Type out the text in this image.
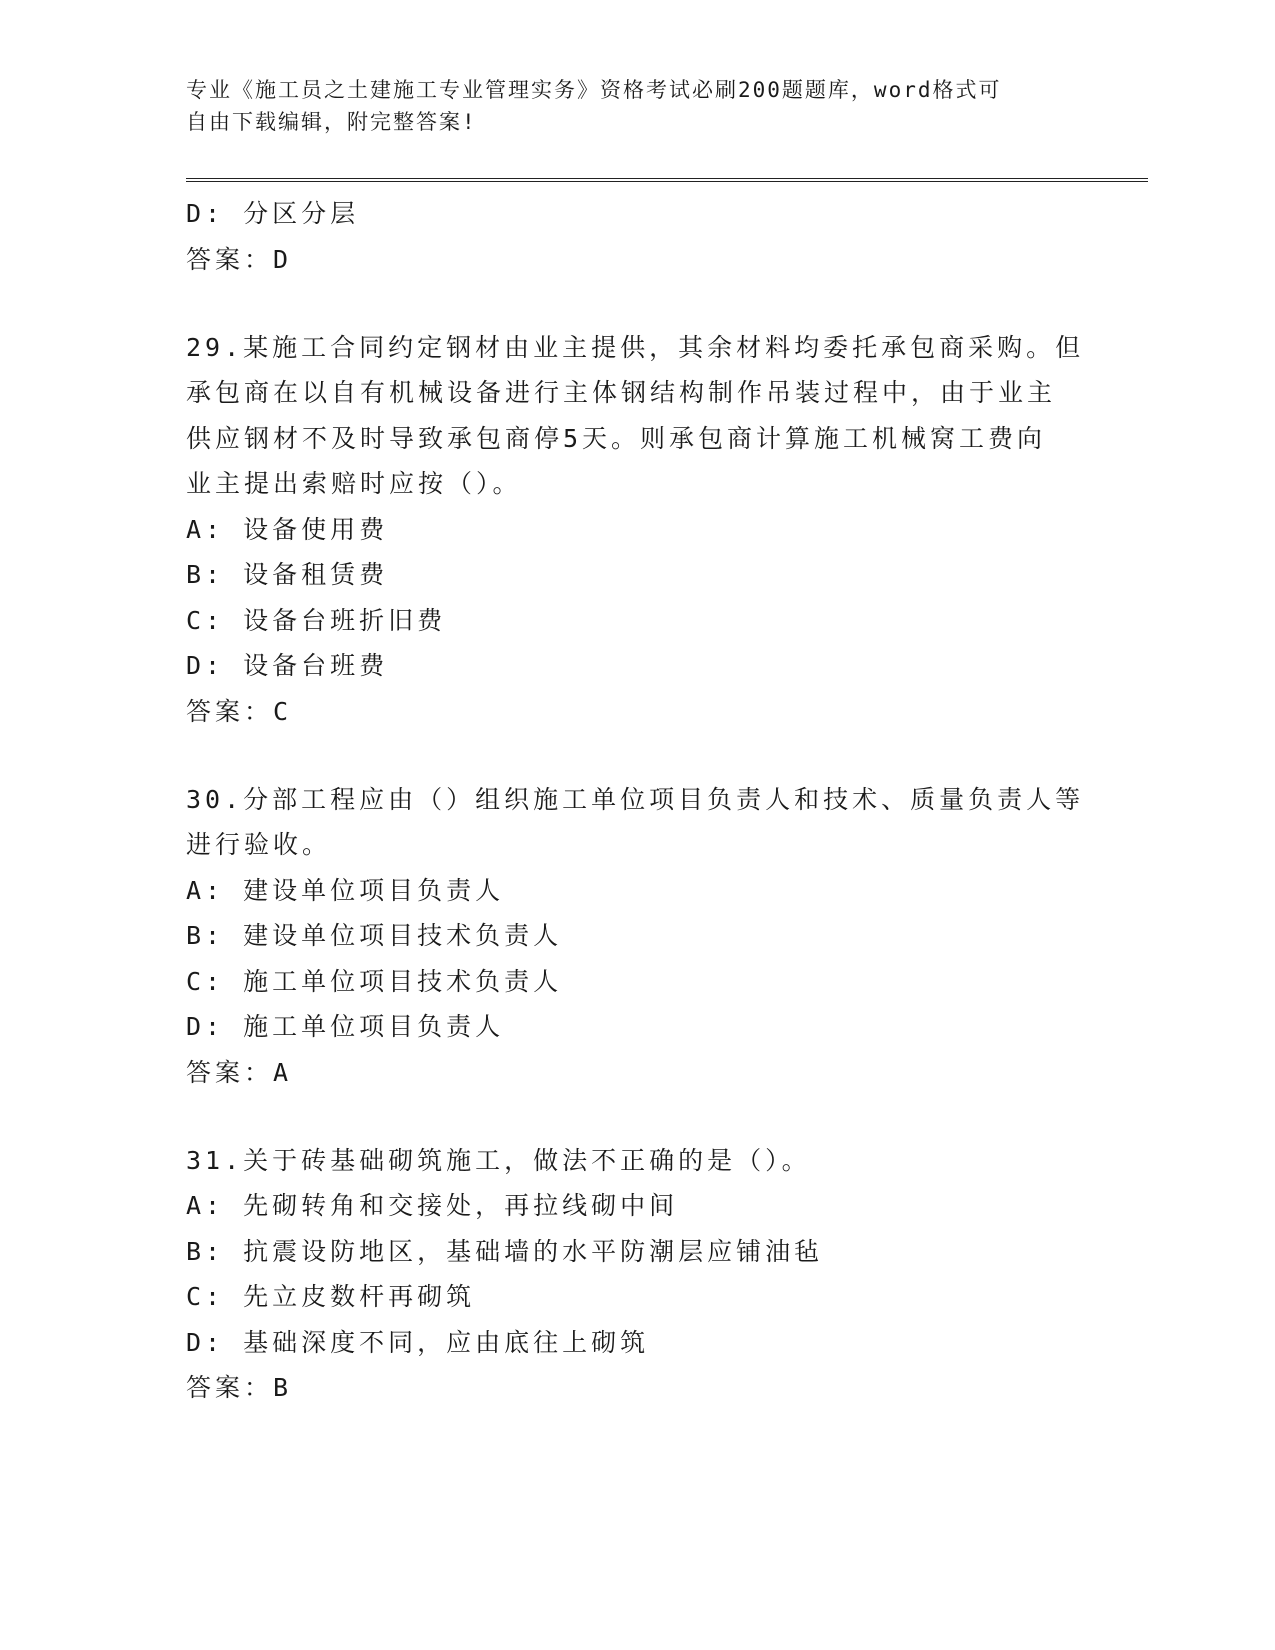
专业《施工员之土建施工专业管理实务》资格考试必刷200题题库，word格式可
自由下载编辑，附完整答案!
D: 分区分层
答案：D
29.某施工合同约定钢材由业主提供，其余材料均委托承包商采购。但
承包商在以自有机械设备进行主体钢结构制作吊装过程中，由于业主
供应钢材不及时导致承包商停5天。则承包商计算施工机械窝工费向
业主提出索赔时应按（）。
A: 设备使用费
B: 设备租赁费
C: 设备台班折旧费
D: 设备台班费
答案：C
30.分部工程应由（）组织施工单位项目负责人和技术、质量负责人等
进行验收。
A: 建设单位项目负责人
B: 建设单位项目技术负责人
C: 施工单位项目技术负责人
D: 施工单位项目负责人
答案：A
31.关于砖基础砌筑施工，做法不正确的是（）。
A: 先砌转角和交接处，再拉线砌中间
B: 抗震设防地区，基础墙的水平防潮层应铺油毡
C: 先立皮数杆再砌筑
D: 基础深度不同，应由底往上砌筑
答案：B
